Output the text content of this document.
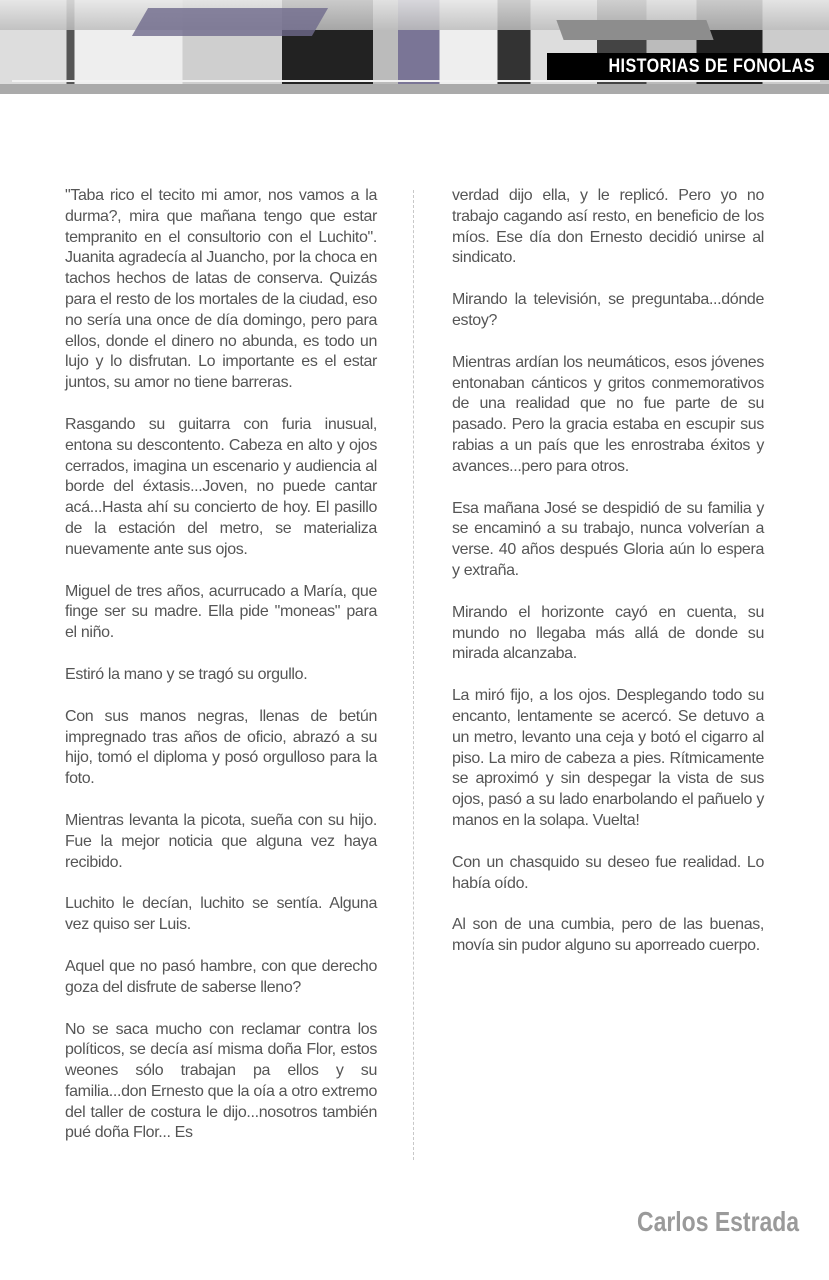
HISTORIAS DE FONOLAS

"Taba rico el tecito mi amor, nos vamos a la durma?, mira que mañana tengo que estar tempranito en el consultorio con el Luchito". Juanita agradecía al Juancho, por la choca en tachos hechos de latas de conserva. Quizás para el resto de los mortales de la ciudad, eso no sería una once de día domingo, pero para ellos, donde el dinero no abunda, es todo un lujo y lo disfrutan. Lo importante es el estar juntos, su amor no tiene barreras.

Rasgando su guitarra con furia inusual, entona su descontento. Cabeza en alto y ojos cerrados, imagina un escenario y audiencia al borde del éxtasis...Joven, no puede cantar acá...Hasta ahí su concierto de hoy. El pasillo de la estación del metro, se materializa nuevamente ante sus ojos.

Miguel de tres años, acurrucado a María, que finge ser su madre. Ella pide "moneas" para el niño.

Estiró la mano y se tragó su orgullo.

Con sus manos negras, llenas de betún impregnado tras años de oficio, abrazó a su hijo, tomó el diploma y posó orgulloso para la foto.

Mientras levanta la picota, sueña con su hijo. Fue la mejor noticia que alguna vez haya recibido.

Luchito le decían, luchito se sentía. Alguna vez quiso ser Luis.

Aquel que no pasó hambre, con que derecho goza del disfrute de saberse lleno?

No se saca mucho con reclamar contra los políticos, se decía así misma doña Flor, estos weones sólo trabajan pa ellos y su familia...don Ernesto que la oía a otro extremo del taller de costura le dijo...nosotros también pué doña Flor... Es

verdad dijo ella, y le replicó. Pero yo no trabajo cagando así resto, en beneficio de los míos. Ese día don Ernesto decidió unirse al sindicato.

Mirando la televisión, se preguntaba...dónde estoy?

Mientras ardían los neumáticos, esos jóvenes entonaban cánticos y gritos conmemorativos de una realidad que no fue parte de su pasado. Pero la gracia estaba en escupir sus rabias a un país que les enrostraba éxitos y avances...pero para otros.

Esa mañana José se despidió de su familia y se encaminó a su trabajo, nunca volverían a verse. 40 años después Gloria aún lo espera y extraña.

Mirando el horizonte cayó en cuenta, su mundo no llegaba más allá de donde su mirada alcanzaba.

La miró fijo, a los ojos. Desplegando todo su encanto, lentamente se acercó. Se detuvo a un metro, levanto una ceja y botó el cigarro al piso. La miro de cabeza a pies. Rítmicamente se aproximó y sin despegar la vista de sus ojos, pasó a su lado enarbolando el pañuelo y manos en la solapa. Vuelta!

Con un chasquido su deseo fue realidad. Lo había oído.

Al son de una cumbia, pero de las buenas, movía sin pudor alguno su aporreado cuerpo.

Carlos Estrada
